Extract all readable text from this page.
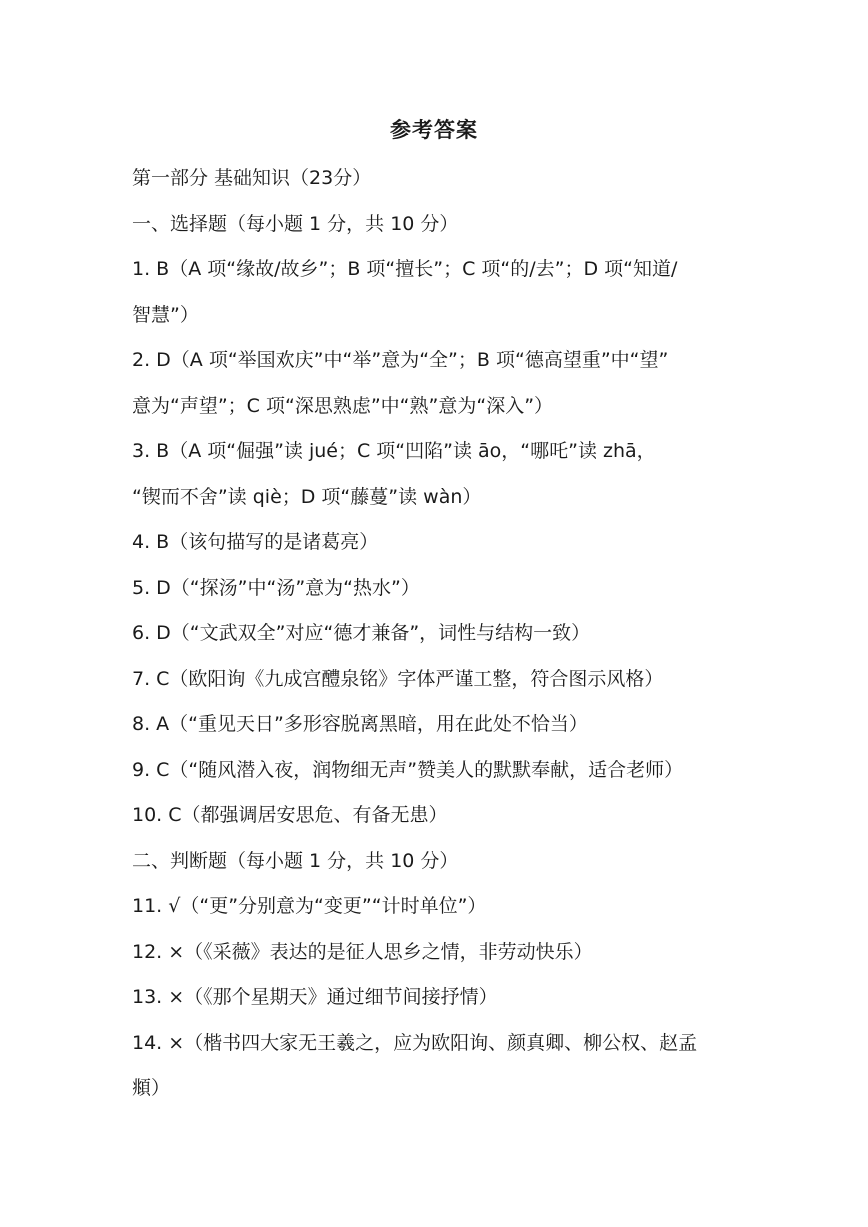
参考答案
第一部分 基础知识（23分）
一、选择题（每小题 1 分，共 10 分）
1. B（A 项“缘故/故乡”；B 项“擅长”；C 项“的/去”；D 项“知道/
智慧”）
2. D（A 项“举国欢庆”中“举”意为“全”；B 项“德高望重”中“望”
意为“声望”；C 项“深思熟虑”中“熟”意为“深入”）
3. B（A 项“倔强”读 jué；C 项“凹陷”读 āo，“哪吒”读 zhā，
“锲而不舍”读 qiè；D 项“藤蔓”读 wàn）
4. B（该句描写的是诸葛亮）
5. D（“探汤”中“汤”意为“热水”）
6. D（“文武双全”对应“德才兼备”，词性与结构一致）
7. C（欧阳询《九成宫醴泉铭》字体严谨工整，符合图示风格）
8. A（“重见天日”多形容脱离黑暗，用在此处不恰当）
9. C（“随风潜入夜，润物细无声”赞美人的默默奉献，适合老师）
10. C（都强调居安思危、有备无患）
二、判断题（每小题 1 分，共 10 分）
11. √（“更”分别意为“变更”“计时单位”）
12. ×（《采薇》表达的是征人思乡之情，非劳动快乐）
13. ×（《那个星期天》通过细节间接抒情）
14. ×（楷书四大家无王羲之，应为欧阳询、颜真卿、柳公权、赵孟
頫）
